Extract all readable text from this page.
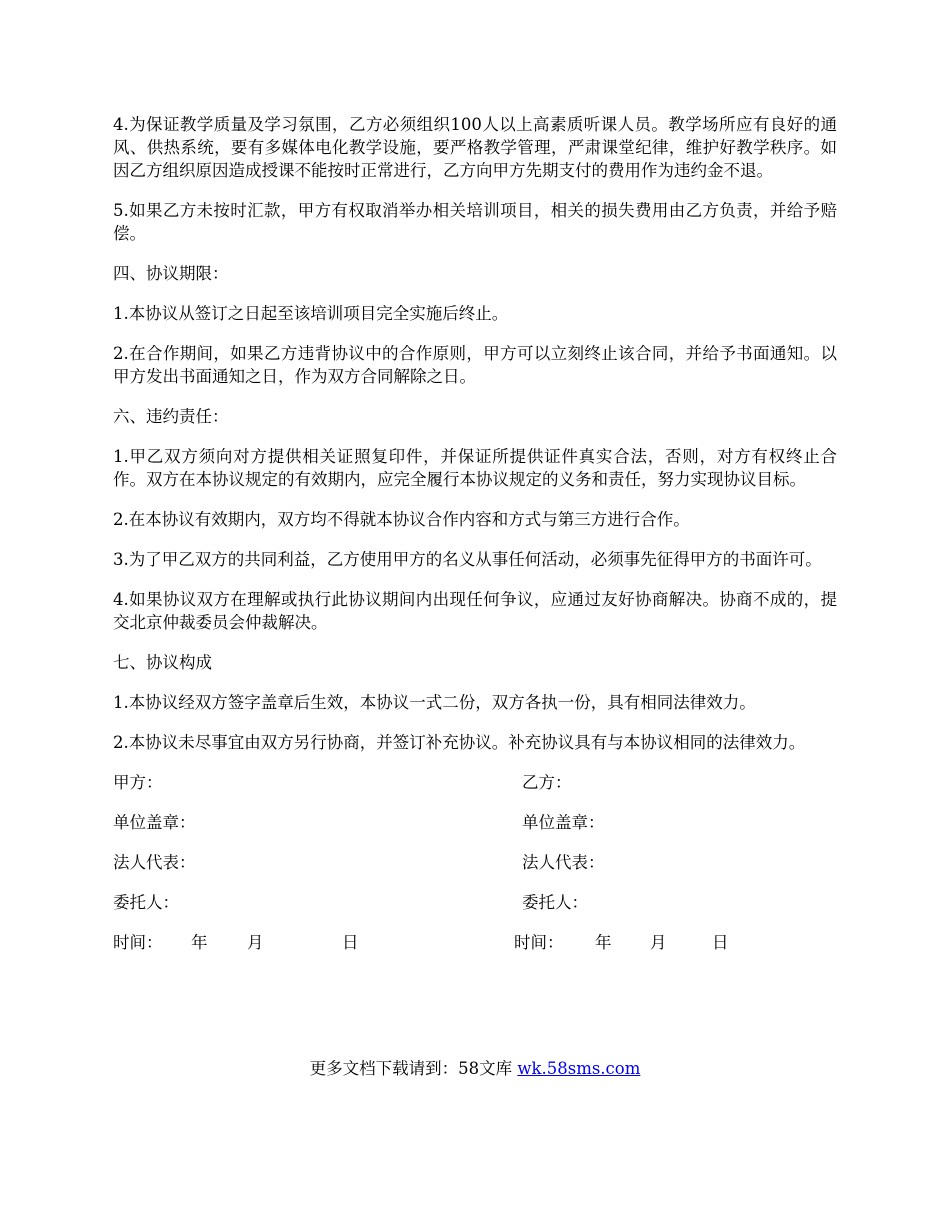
4.为保证教学质量及学习氛围，乙方必须组织100人以上高素质听课人员。教学场所应有良好的通风、供热系统，要有多媒体电化教学设施，要严格教学管理，严肃课堂纪律，维护好教学秩序。如因乙方组织原因造成授课不能按时正常进行，乙方向甲方先期支付的费用作为违约金不退。

5.如果乙方未按时汇款，甲方有权取消举办相关培训项目，相关的损失费用由乙方负责，并给予赔偿。

四、协议期限：

1.本协议从签订之日起至该培训项目完全实施后终止。

2.在合作期间，如果乙方违背协议中的合作原则，甲方可以立刻终止该合同，并给予书面通知。以甲方发出书面通知之日，作为双方合同解除之日。

六、违约责任：

1.甲乙双方须向对方提供相关证照复印件，并保证所提供证件真实合法，否则，对方有权终止合作。双方在本协议规定的有效期内，应完全履行本协议规定的义务和责任，努力实现协议目标。

2.在本协议有效期内，双方均不得就本协议合作内容和方式与第三方进行合作。

3.为了甲乙双方的共同利益，乙方使用甲方的名义从事任何活动，必须事先征得甲方的书面许可。

4.如果协议双方在理解或执行此协议期间内出现任何争议，应通过友好协商解决。协商不成的，提交北京仲裁委员会仲裁解决。

七、协议构成

1.本协议经双方签字盖章后生效，本协议一式二份，双方各执一份，具有相同法律效力。

2.本协议未尽事宜由双方另行协商，并签订补充协议。补充协议具有与本协议相同的法律效力。

甲方：	乙方：
单位盖章：	单位盖章：
法人代表：	法人代表：
委托人：	委托人：
时间： 年 月	日	时间： 年 月	日
更多文档下载请到：58文库 wk.58sms.com
